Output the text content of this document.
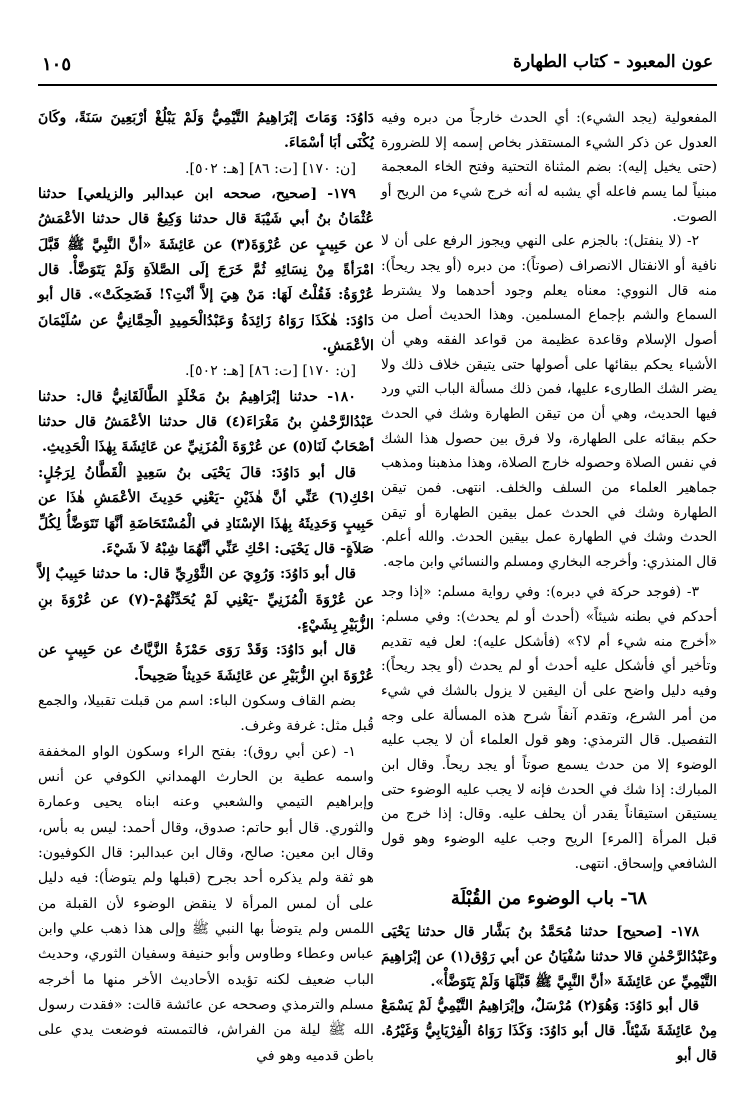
عون المعبود - كتاب الطهارة
١٠٥

المفعولية (يجد الشيء): أي الحدث خارجاً من دبره وفيه العدول عن ذكر الشيء المستقذر بخاص إسمه إلا للضرورة (حتى يخيل إليه): بضم المثناة التحتية وفتح الخاء المعجمة مبنياً لما يسم فاعله أي يشبه له أنه خرج شيء من الريح أو الصوت.

٢- (لا ينفتل): بالجزم على النهي ويجوز الرفع على أن لا نافية أو الانفتال الانصراف (صوتاً): من دبره (أو يجد ريحاً): منه قال النووي: معناه يعلم وجود أحدهما ولا يشترط السماع والشم بإجماع المسلمين. وهذا الحديث أصل من أصول الإسلام وقاعدة عظيمة من قواعد الفقه وهي أن الأشياء يحكم ببقائها على أصولها حتى يتيقن خلاف ذلك ولا يضر الشك الطارىء عليها، فمن ذلك مسألة الباب التي ورد فيها الحديث، وهي أن من تيقن الطهارة وشك في الحدث حكم ببقائه على الطهارة، ولا فرق بين حصول هذا الشك في نفس الصلاة وحصوله خارج الصلاة، وهذا مذهبنا ومذهب جماهير العلماء من السلف والخلف. انتهى. فمن تيقن الطهارة وشك في الحدث عمل بيقين الطهارة أو تيقن الحدث وشك في الطهارة عمل بيقين الحدث. والله أعلم. قال المنذري: وأخرجه البخاري ومسلم والنسائي وابن ماجه.

٣- (فوجد حركة في دبره): وفي رواية مسلم: «إذا وجد أحدكم في بطنه شيئاً» (أحدث أو لم يحدث): وفي مسلم: «أخرج منه شيء أم لا؟» (فأشكل عليه): لعل فيه تقديم وتأخير أي فأشكل عليه أحدث أو لم يحدث (أو يجد ريحاً): وفيه دليل واضح على أن اليقين لا يزول بالشك في شيء من أمر الشرع، وتقدم آنفاً شرح هذه المسألة على وجه التفصيل. قال الترمذي: وهو قول العلماء أن لا يجب عليه الوضوء إلا من حدث يسمع صوتاً أو يجد ريحاً. وقال ابن المبارك: إذا شك في الحدث فإنه لا يجب عليه الوضوء حتى يستيقن استيقاناً يقدر أن يحلف عليه. وقال: إذا خرج من قبل المرأة [المرء] الريح وجب عليه الوضوء وهو قول الشافعي وإسحاق. انتهى.

٦٨- باب الوضوء من القُبْلَة

١٧٨- [صحيح] حدثنا مُحَمَّدُ بنُ بَشَّار قال حدثنا يَحْيَى وعَبْدُالرَّحْمٰنِ قالا حدثنا سُفْيَانُ عن أبي رَوْق(١) عن إبْرَاهِيمَ التَّيْمِيِّ عن عَائِشَةَ «أنَّ النَّبِيَّ ﷺ قَبَّلَهَا وَلَمْ يَتَوَضَّأْ».

قال أبو دَاوُدَ: وَهُوَ(٢) مُرْسَلٌ، وإبْرَاهِيمُ التَّيْمِيُّ لَمْ يَسْمَعْ مِنْ عَائِشَةَ شَيْئاً. قال أبو دَاوُدَ: وَكَذَا رَوَاهُ الْفِرْيَابِيُّ وَغَيْرُهُ. قال أبو

دَاوُدَ: وَمَاتَ إبْرَاهِيمُ التَّيْمِيُّ وَلَمْ يَبْلُغْ أرْبَعِينَ سَنَةً، وكَانَ يُكْنَى أبَا أسْمَاءَ.

[ن: ١٧٠] [ت: ٨٦] [هـ: ٥٠٢].

١٧٩- [صحيح، صححه ابن عبدالبر والزيلعي] حدثنا عُثْمَانُ بنُ أبي شَيْبَةَ قال حدثنا وَكِيعٌ قال حدثنا الأعْمَشُ عن حَبِيبٍ عن عُرْوَةَ(٣) عن عَائِشَةَ «أنَّ النَّبِيَّ ﷺ قَبَّلَ امْرَأةً مِنْ نِسَائِهِ ثُمَّ خَرَجَ إلَى الصَّلاَةِ وَلَمْ يَتَوَضَّأْ. قال عُرْوَةُ: فَقُلْتُ لَهَا: مَنْ هِيَ إلاَّ أنْتِ؟! فَضَحِكَتْ». قال أبو دَاوُدَ: هٰكَذَا رَوَاهُ زَائِدَةُ وَعَبْدُالْحَمِيدِ الْحِمَّانِيُّ عن سُلَيْمَانَ الأعْمَشِ.

[ن: ١٧٠] [ت: ٨٦] [هـ: ٥٠٢].

١٨٠- حدثنا إبْرَاهِيمُ بنُ مَخْلَدٍ الطَّالَقَانِيُّ قال: حدثنا عَبْدُالرَّحْمٰنِ بنُ مَغْرَاءَ(٤) قال حدثنا الأعْمَشُ قال حدثنا أصْحَابٌ لَنَا(٥) عن عُرْوَةَ الْمُزَنِيِّ عن عَائِشَةَ بِهٰذَا الْحَدِيثِ.

قال أبو دَاوُدَ: قالَ يَحْيَى بنُ سَعِيدٍ الْقَطَّانُ لِرَجُلٍ: احْكِ(٦) عَنِّي أنَّ هٰذَيْنِ -يَعْنِي حَدِيثَ الأعْمَشِ هٰذَا عن حَبِيبٍ وَحَدِيثَهُ بِهٰذَا الإسْنَادِ في الْمُسْتَحَاضَةِ أنَّهَا تَتَوَضَّأُ لِكُلِّ صَلاَةٍ- قال يَحْيَى: احْكِ عَنِّي أنَّهُمَا شِبْهُ لاَ شَيْءَ.

قال أبو دَاوُدَ: وَرُوِيَ عن الثَّوْرِيِّ قال: ما حدثنا حَبِيبٌ إلاَّ عن عُرْوَةَ الْمُزَنِيِّ -يَعْنِي لَمْ يُحَدِّثْهُمْ-(٧) عن عُرْوَةَ بنِ الزُّبَيْرِ بِشَيْءٍ.

قال أبو دَاوُدَ: وَقَدْ رَوَى حَمْزَةُ الزَّيَّاتُ عن حَبِيبٍ عن عُرْوَةَ ابنِ الزُّبَيْرِ عن عَائِشَةَ حَدِيثاً صَحِيحاً.

بضم القاف وسكون الباء: اسم من قبلت تقبيلا، والجمع قُبل مثل: غرفة وغرف.

١- (عن أبي روق): بفتح الراء وسكون الواو المخففة واسمه عطية بن الحارث الهمداني الكوفي عن أنس وإبراهيم التيمي والشعبي وعنه ابناه يحيى وعمارة والثوري. قال أبو حاتم: صدوق، وقال أحمد: ليس به بأس، وقال ابن معين: صالح، وقال ابن عبدالبر: قال الكوفيون: هو ثقة ولم يذكره أحد بجرح (قبلها ولم يتوضأ): فيه دليل على أن لمس المرأة لا ينقض الوضوء لأن القبلة من اللمس ولم يتوضأ بها النبي ﷺ وإلى هذا ذهب علي وابن عباس وعطاء وطاوس وأبو حنيفة وسفيان الثوري، وحديث الباب ضعيف لكنه تؤيده الأحاديث الأخر منها ما أخرجه مسلم والترمذي وصححه عن عائشة قالت: «فقدت رسول الله ﷺ ليلة من الفراش، فالتمسته فوضعت يدي على باطن قدميه وهو في
